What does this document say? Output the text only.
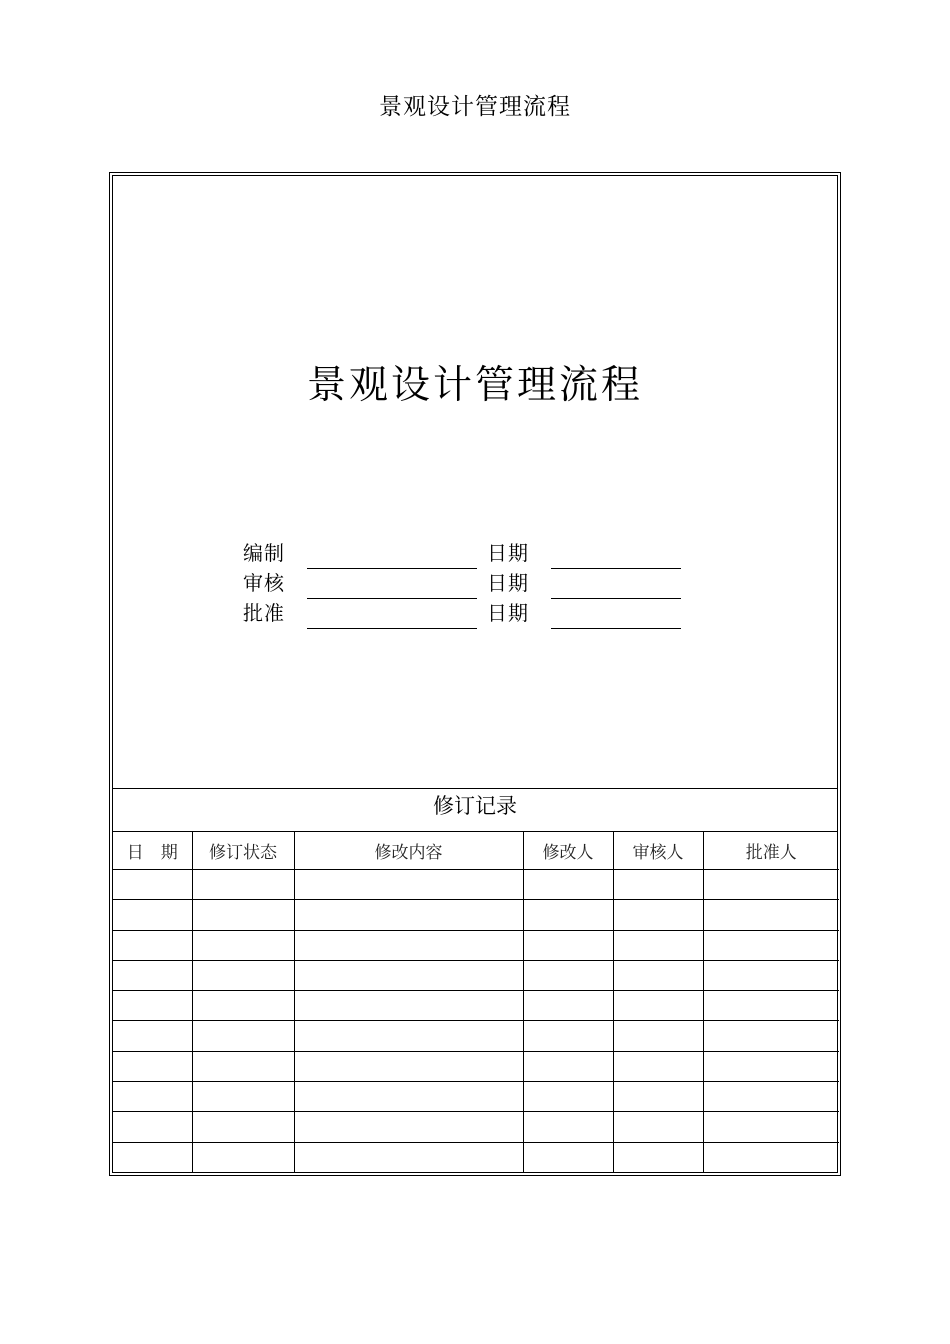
景观设计管理流程
景观设计管理流程
编制	日期
审核	日期
批准	日期
修订记录
日　期	修订状态	修改内容	修改人	审核人	批准人
